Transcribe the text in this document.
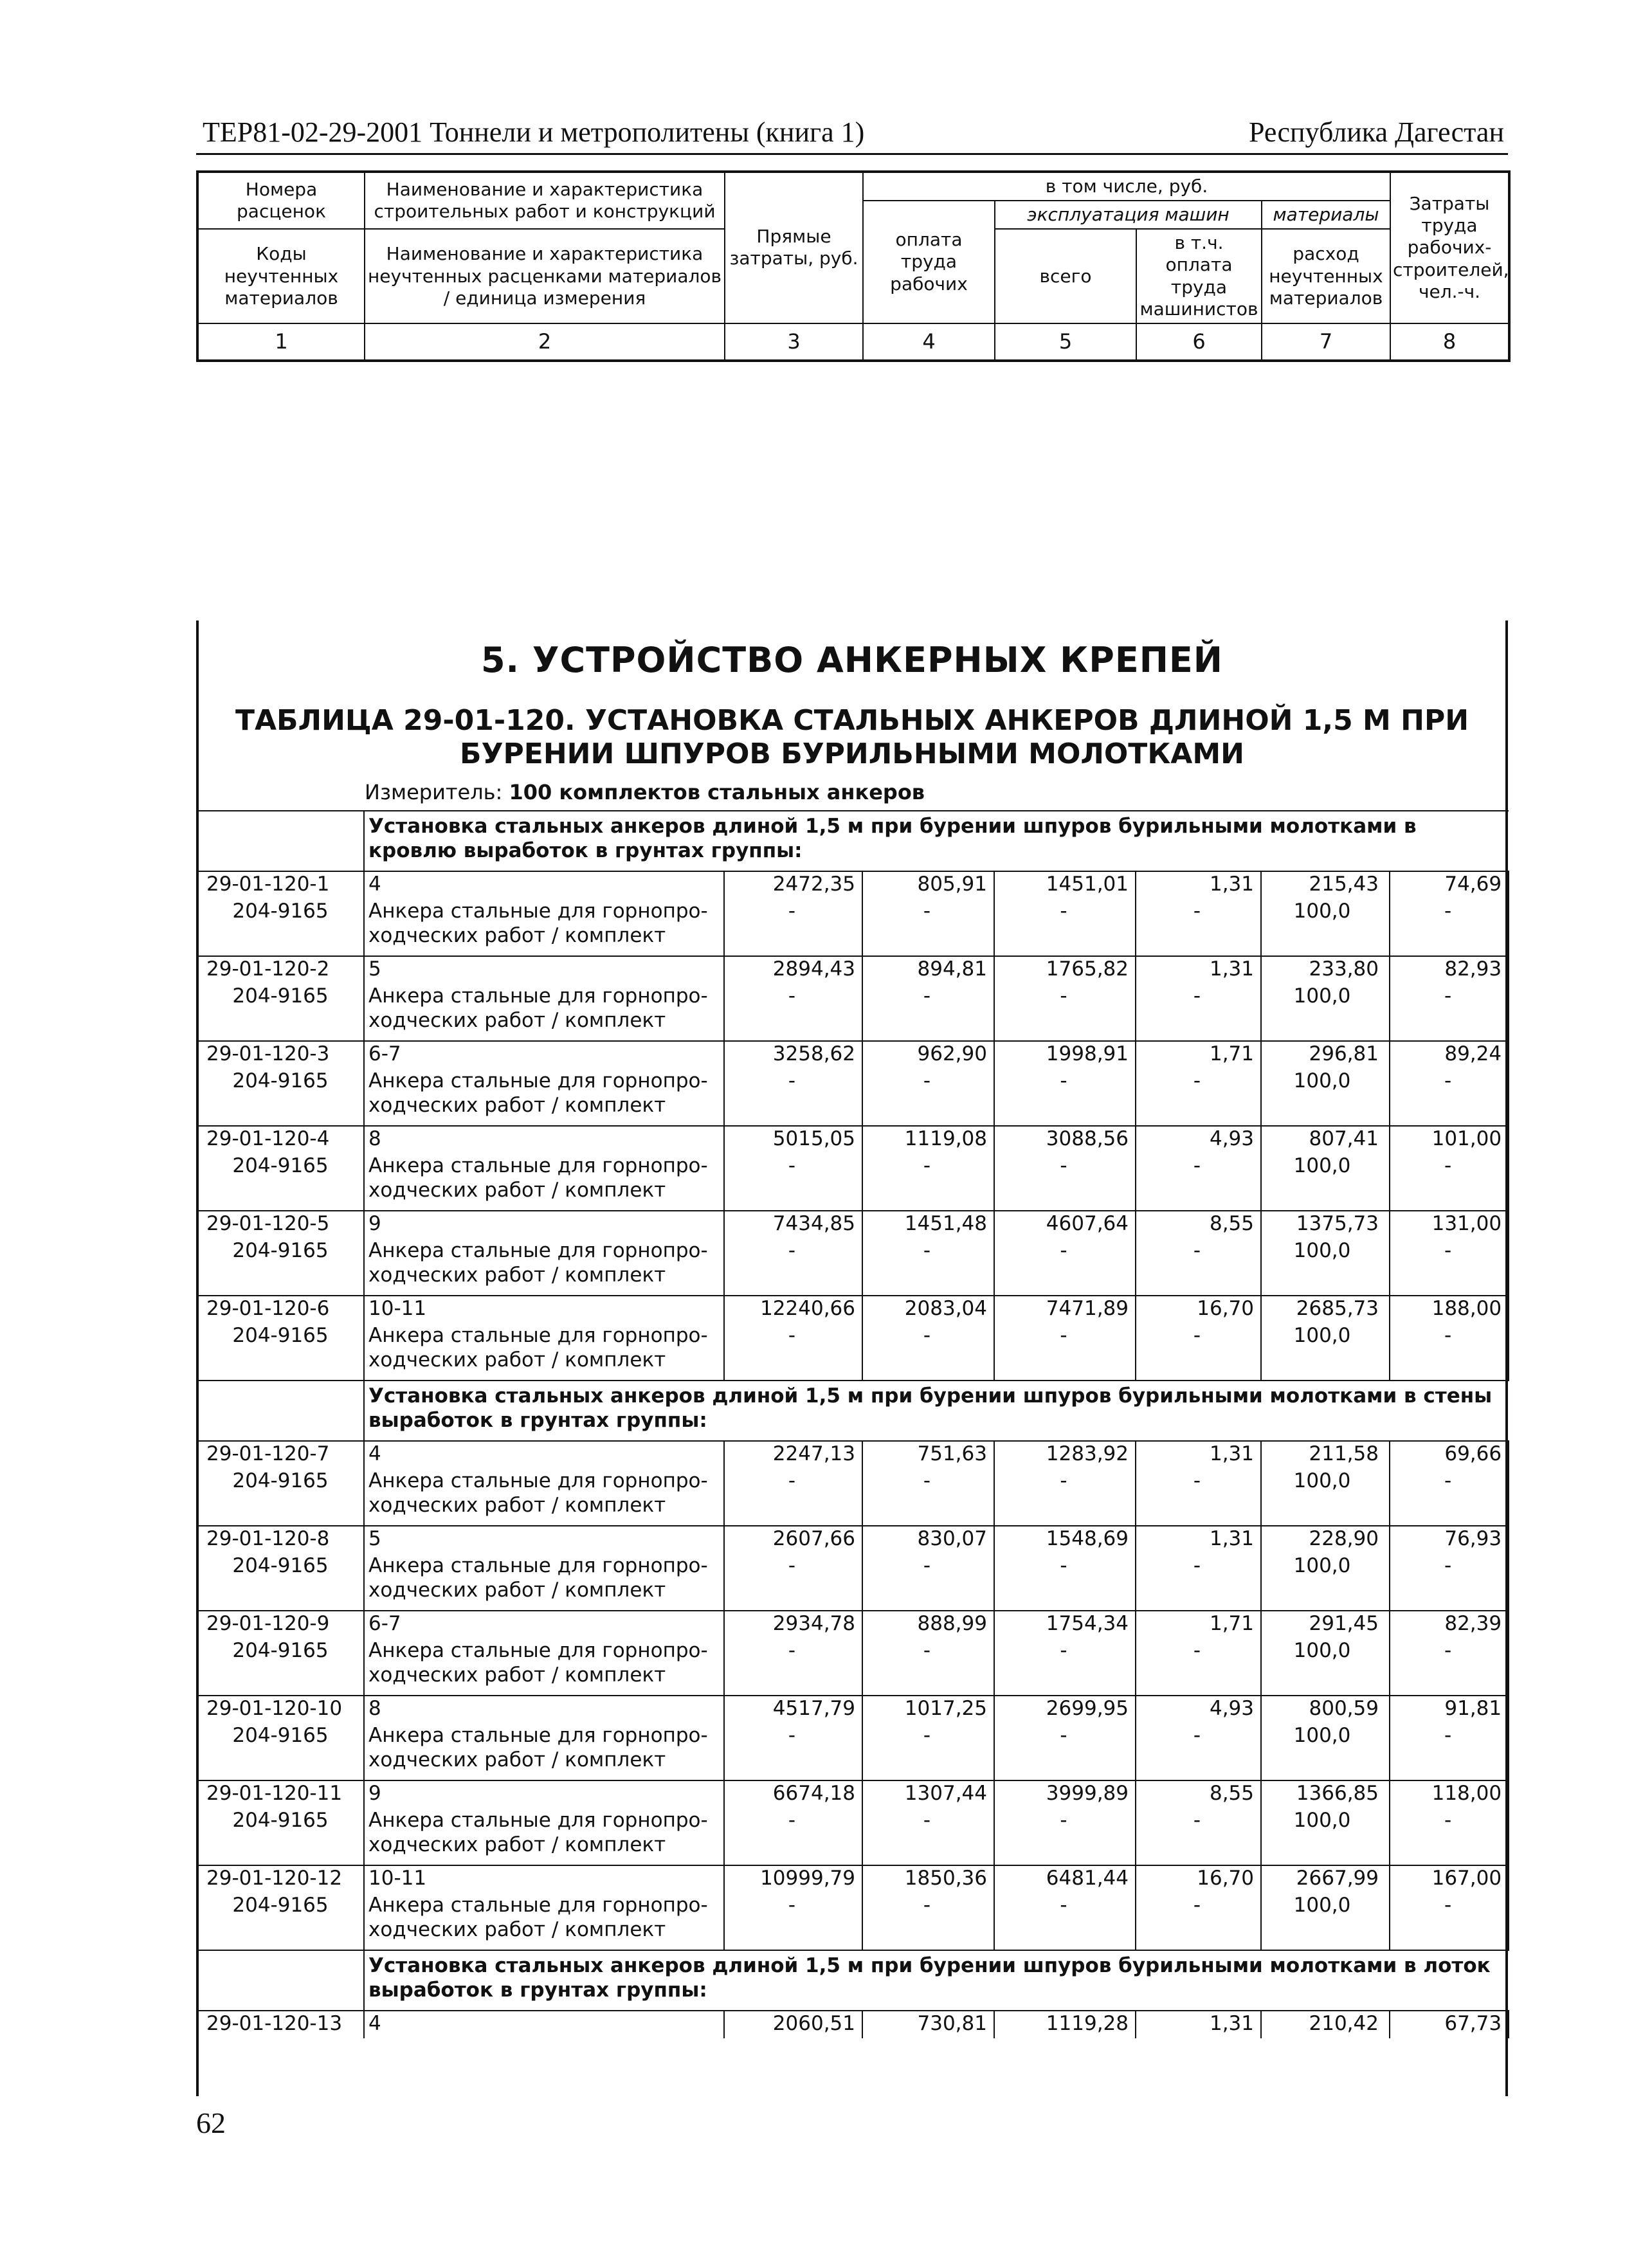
ТЕР81-02-29-2001 Тоннели и метрополитены (книга 1)	Республика Дагестан
Номера расценок	Наименование и характеристика строительных работ и конструкций	Прямые затраты, руб.	в том числе, руб.				Затраты труда рабочих-строителей, чел.-ч.
			оплата труда рабочих	эксплуатация машин		материалы	
Коды неучтенных материалов	Наименование и характеристика неучтенных расценками материалов / единица измерения			всего	в т.ч. оплата труда машинистов	расход неучтенных материалов	

1	2	3	4	5	6	7	8
5. УСТРОЙСТВО АНКЕРНЫХ КРЕПЕЙ
ТАБЛИЦА 29-01-120. УСТАНОВКА СТАЛЬНЫХ АНКЕРОВ ДЛИНОЙ 1,5 М ПРИ
БУРЕНИИ ШПУРОВ БУРИЛЬНЫМИ МОЛОТКАМИ
Измеритель: 100 комплектов стальных анкеров
	Установка стальных анкеров длиной 1,5 м при бурении шпуров бурильными молотками в кровлю выработок в грунтах группы:						
29-01-120-1	4	2472,35	805,91	1451,01	1,31	215,43	74,69
204-9165	Анкера стальные для горнопро-
ходческих работ / комплект	-	-	-	-	100,0	-
29-01-120-2	5	2894,43	894,81	1765,82	1,31	233,80	82,93
204-9165	Анкера стальные для горнопро-
ходческих работ / комплект	-	-	-	-	100,0	-
29-01-120-3	6-7	3258,62	962,90	1998,91	1,71	296,81	89,24
204-9165	Анкера стальные для горнопро-
ходческих работ / комплект	-	-	-	-	100,0	-
29-01-120-4	8	5015,05	1119,08	3088,56	4,93	807,41	101,00
204-9165	Анкера стальные для горнопро-
ходческих работ / комплект	-	-	-	-	100,0	-
29-01-120-5	9	7434,85	1451,48	4607,64	8,55	1375,73	131,00
204-9165	Анкера стальные для горнопро-
ходческих работ / комплект	-	-	-	-	100,0	-
29-01-120-6	10-11	12240,66	2083,04	7471,89	16,70	2685,73	188,00
204-9165	Анкера стальные для горнопро-
ходческих работ / комплект	-	-	-	-	100,0	-
	Установка стальных анкеров длиной 1,5 м при бурении шпуров бурильными молотками в стены выработок в грунтах группы:						
29-01-120-7	4	2247,13	751,63	1283,92	1,31	211,58	69,66
204-9165	Анкера стальные для горнопро-
ходческих работ / комплект	-	-	-	-	100,0	-
29-01-120-8	5	2607,66	830,07	1548,69	1,31	228,90	76,93
204-9165	Анкера стальные для горнопро-
ходческих работ / комплект	-	-	-	-	100,0	-
29-01-120-9	6-7	2934,78	888,99	1754,34	1,71	291,45	82,39
204-9165	Анкера стальные для горнопро-
ходческих работ / комплект	-	-	-	-	100,0	-
29-01-120-10	8	4517,79	1017,25	2699,95	4,93	800,59	91,81
204-9165	Анкера стальные для горнопро-
ходческих работ / комплект	-	-	-	-	100,0	-
29-01-120-11	9	6674,18	1307,44	3999,89	8,55	1366,85	118,00
204-9165	Анкера стальные для горнопро-
ходческих работ / комплект	-	-	-	-	100,0	-
29-01-120-12	10-11	10999,79	1850,36	6481,44	16,70	2667,99	167,00
204-9165	Анкера стальные для горнопро-
ходческих работ / комплект	-	-	-	-	100,0	-
	Установка стальных анкеров длиной 1,5 м при бурении шпуров бурильными молотками в лоток выработок в грунтах группы:						
29-01-120-13	4	2060,51	730,81	1119,28	1,31	210,42	67,73
62
